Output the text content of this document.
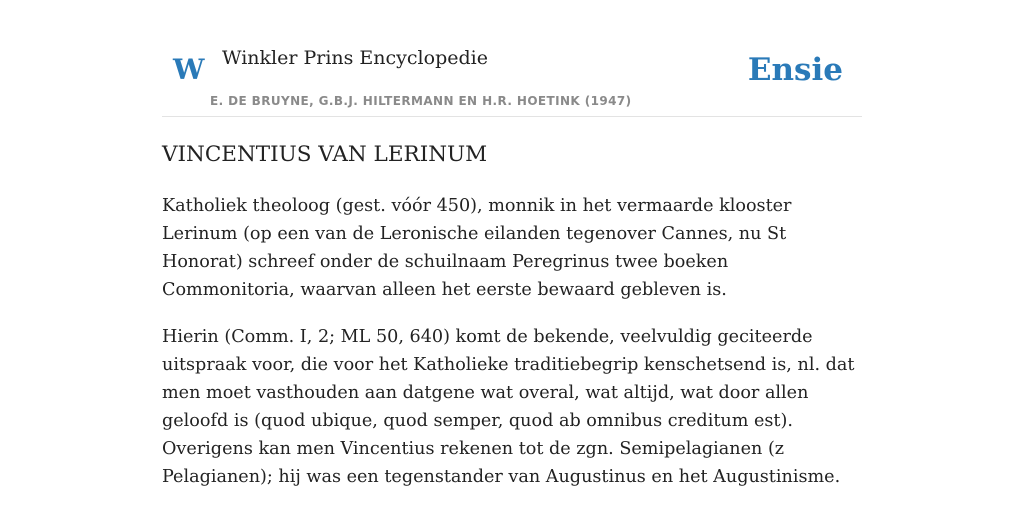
W Winkler Prins Encyclopedie
E. DE BRUYNE, G.B.J. HILTERMANN EN H.R. HOETINK (1947)
Ensie
VINCENTIUS VAN LERINUM

Katholiek theoloog (gest. vóór 450), monnik in het vermaarde klooster Lerinum (op een van de Leronische eilanden tegenover Cannes, nu St Honorat) schreef onder de schuilnaam Peregrinus twee boeken Commonitoria, waarvan alleen het eerste bewaard gebleven is.

Hierin (Comm. I, 2; ML 50, 640) komt de bekende, veelvuldig geciteerde uitspraak voor, die voor het Katholieke traditiebegrip kenschetsend is, nl. dat men moet vasthouden aan datgene wat overal, wat altijd, wat door allen geloofd is (quod ubique, quod semper, quod ab omnibus creditum est). Overigens kan men Vincentius rekenen tot de zgn. Semipelagianen (z Pelagianen); hij was een tegenstander van Augustinus en het Augustinisme.
